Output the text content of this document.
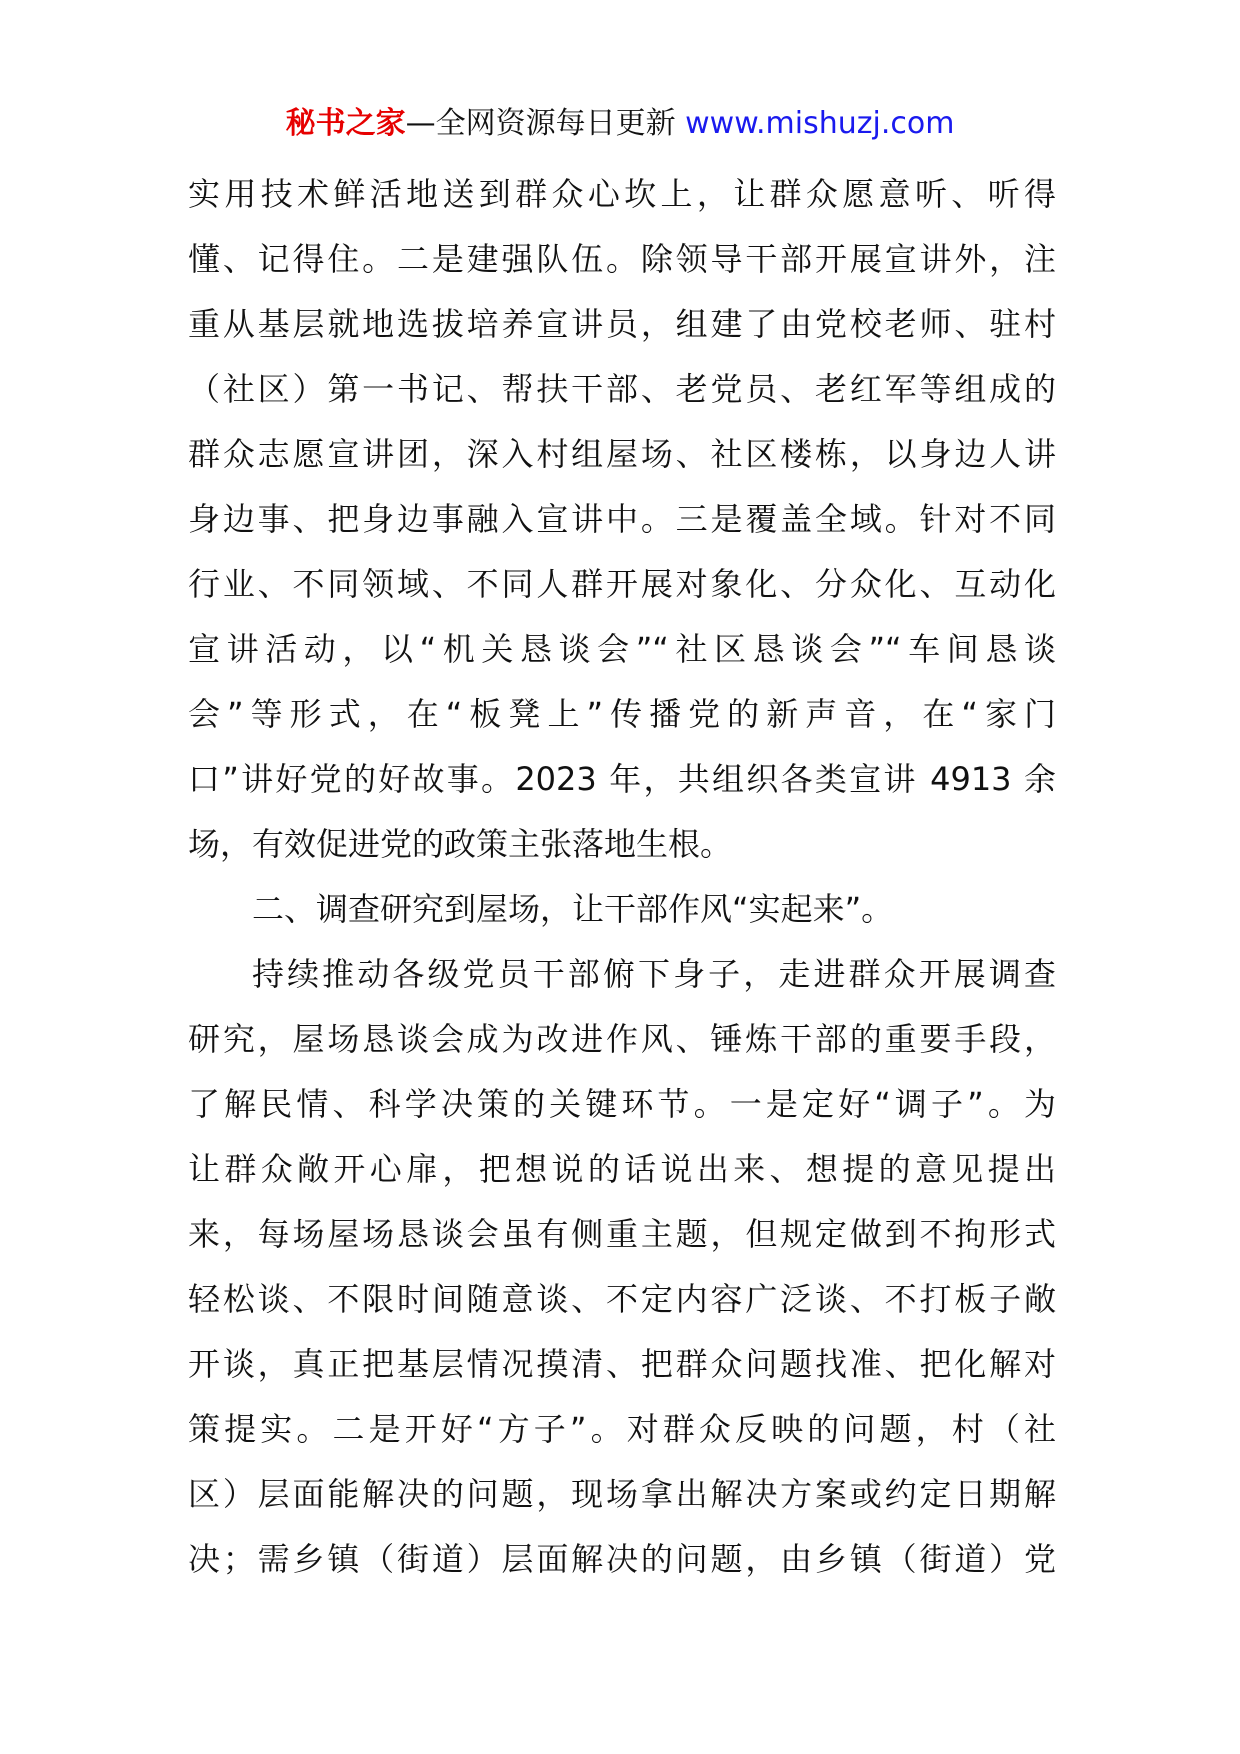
秘书之家—全网资源每日更新 www.mishuzj.com
实用技术鲜活地送到群众心坎上，让群众愿意听、听得
懂、记得住。二是建强队伍。除领导干部开展宣讲外，注
重从基层就地选拔培养宣讲员，组建了由党校老师、驻村
（社区）第一书记、帮扶干部、老党员、老红军等组成的
群众志愿宣讲团，深入村组屋场、社区楼栋，以身边人讲
身边事、把身边事融入宣讲中。三是覆盖全域。针对不同
行业、不同领域、不同人群开展对象化、分众化、互动化
宣讲活动，以“机关恳谈会”“社区恳谈会”“车间恳谈
会”等形式，在“板凳上”传播党的新声音，在“家门
口”讲好党的好故事。2023 年，共组织各类宣讲 4913 余
场，有效促进党的政策主张落地生根。
二、调查研究到屋场，让干部作风“实起来”。
持续推动各级党员干部俯下身子，走进群众开展调查
研究，屋场恳谈会成为改进作风、锤炼干部的重要手段，
了解民情、科学决策的关键环节。一是定好“调子”。为
让群众敞开心扉，把想说的话说出来、想提的意见提出
来，每场屋场恳谈会虽有侧重主题，但规定做到不拘形式
轻松谈、不限时间随意谈、不定内容广泛谈、不打板子敞
开谈，真正把基层情况摸清、把群众问题找准、把化解对
策提实。二是开好“方子”。对群众反映的问题，村（社
区）层面能解决的问题，现场拿出解决方案或约定日期解
决；需乡镇（街道）层面解决的问题，由乡镇（街道）党
